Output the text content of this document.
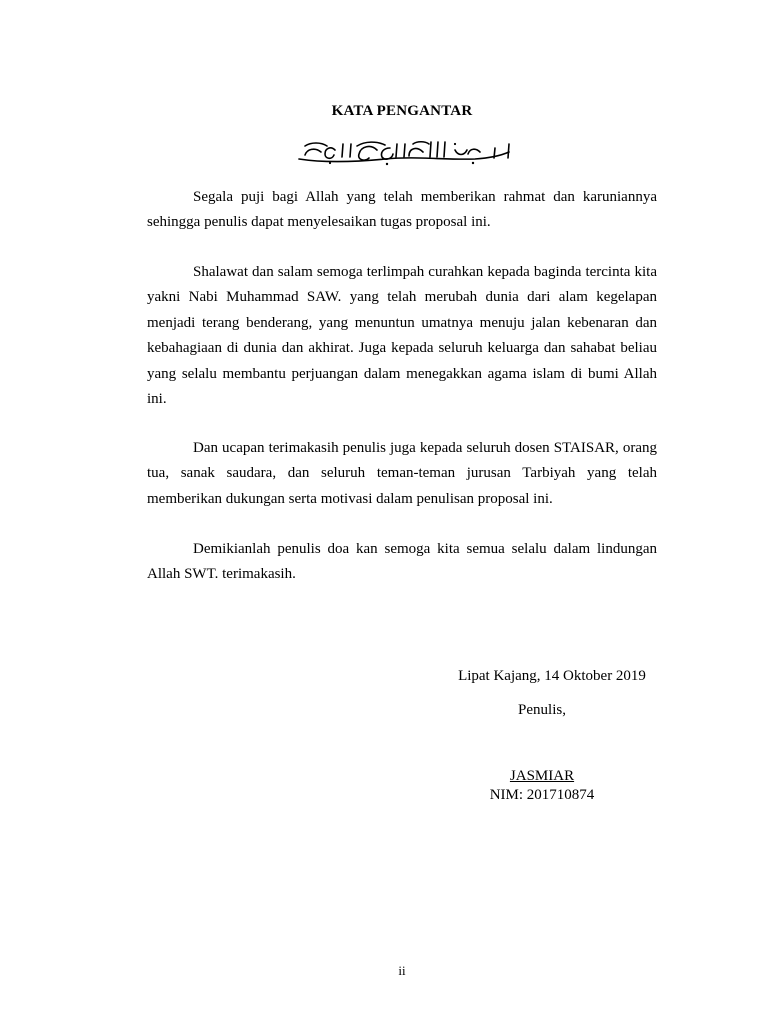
KATA PENGANTAR

Segala puji bagi Allah yang telah memberikan rahmat dan karuniannya sehingga penulis dapat menyelesaikan tugas proposal ini.

Shalawat dan salam semoga terlimpah curahkan kepada baginda tercinta kita yakni Nabi Muhammad SAW. yang telah merubah dunia dari alam kegelapan menjadi terang benderang, yang menuntun umatnya menuju jalan kebenaran dan kebahagiaan di dunia dan akhirat. Juga kepada seluruh keluarga dan sahabat beliau yang selalu membantu perjuangan dalam menegakkan agama islam di bumi Allah ini.

Dan ucapan terimakasih penulis juga kepada seluruh dosen STAISAR, orang tua, sanak saudara, dan seluruh teman-teman jurusan Tarbiyah yang telah memberikan dukungan serta motivasi dalam penulisan proposal ini.

Demikianlah penulis doa kan semoga kita semua selalu dalam lindungan Allah SWT. terimakasih.

Lipat Kajang, 14 Oktober 2019

Penulis,

JASMIAR

NIM: 201710874

ii
